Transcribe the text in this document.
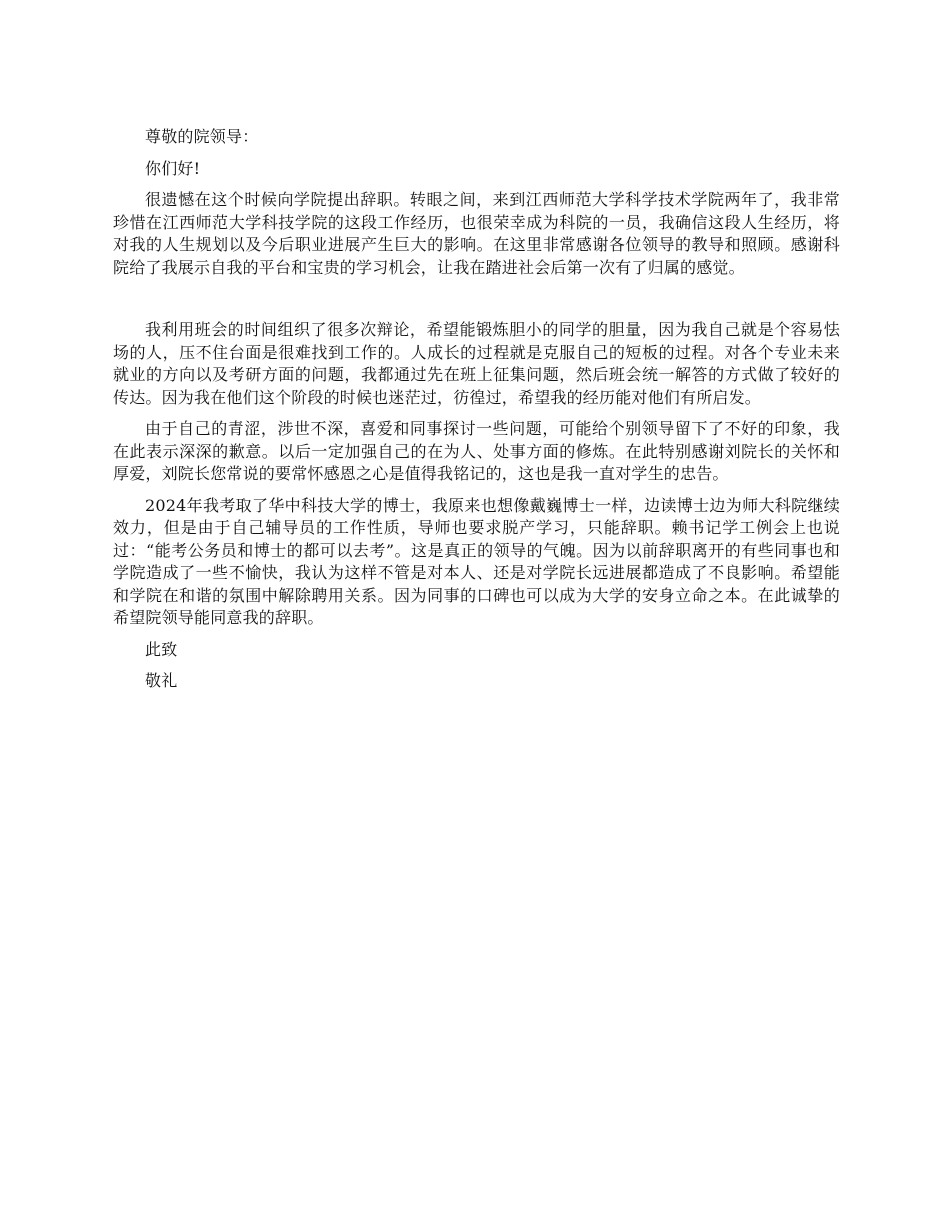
尊敬的院领导：

你们好!

很遗憾在这个时候向学院提出辞职。转眼之间，来到江西师范大学科学技术学院两年了，我非常珍惜在江西师范大学科技学院的这段工作经历，也很荣幸成为科院的一员，我确信这段人生经历，将对我的人生规划以及今后职业进展产生巨大的影响。在这里非常感谢各位领导的教导和照顾。感谢科院给了我展示自我的平台和宝贵的学习机会，让我在踏进社会后第一次有了归属的感觉。

我利用班会的时间组织了很多次辩论，希望能锻炼胆小的同学的胆量，因为我自己就是个容易怯场的人，压不住台面是很难找到工作的。人成长的过程就是克服自己的短板的过程。对各个专业未来就业的方向以及考研方面的问题，我都通过先在班上征集问题，然后班会统一解答的方式做了较好的传达。因为我在他们这个阶段的时候也迷茫过，彷徨过，希望我的经历能对他们有所启发。

由于自己的青涩，涉世不深，喜爱和同事探讨一些问题，可能给个别领导留下了不好的印象，我在此表示深深的歉意。以后一定加强自己的在为人、处事方面的修炼。在此特别感谢刘院长的关怀和厚爱，刘院长您常说的要常怀感恩之心是值得我铭记的，这也是我一直对学生的忠告。

2024年我考取了华中科技大学的博士，我原来也想像戴巍博士一样，边读博士边为师大科院继续效力，但是由于自己辅导员的工作性质，导师也要求脱产学习，只能辞职。赖书记学工例会上也说过：“能考公务员和博士的都可以去考”。这是真正的领导的气魄。因为以前辞职离开的有些同事也和学院造成了一些不愉快，我认为这样不管是对本人、还是对学院长远进展都造成了不良影响。希望能和学院在和谐的氛围中解除聘用关系。因为同事的口碑也可以成为大学的安身立命之本。在此诚挚的希望院领导能同意我的辞职。

此致

敬礼
